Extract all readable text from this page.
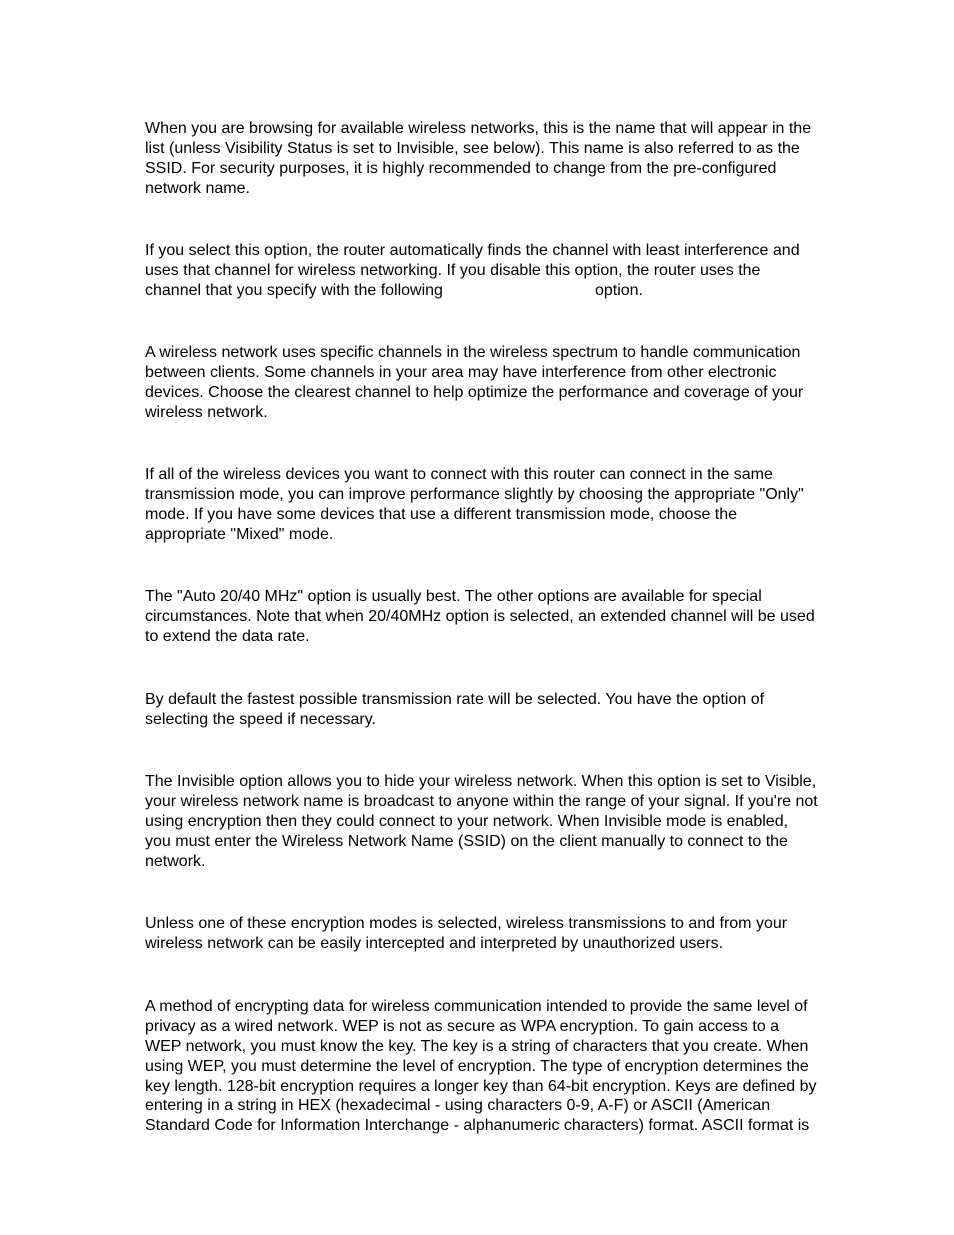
When you are browsing for available wireless networks, this is the name that will appear in the
list (unless Visibility Status is set to Invisible, see below). This name is also referred to as the
SSID. For security purposes, it is highly recommended to change from the pre-configured
network name.
If you select this option, the router automatically finds the channel with least interference and
uses that channel for wireless networking. If you disable this option, the router uses the
channel that you specify with the following	option.
A wireless network uses specific channels in the wireless spectrum to handle communication
between clients. Some channels in your area may have interference from other electronic
devices. Choose the clearest channel to help optimize the performance and coverage of your
wireless network.
If all of the wireless devices you want to connect with this router can connect in the same
transmission mode, you can improve performance slightly by choosing the appropriate "Only"
mode. If you have some devices that use a different transmission mode, choose the
appropriate "Mixed" mode.
The "Auto 20/40 MHz" option is usually best. The other options are available for special
circumstances. Note that when 20/40MHz option is selected, an extended channel will be used
to extend the data rate.
By default the fastest possible transmission rate will be selected. You have the option of
selecting the speed if necessary.
The Invisible option allows you to hide your wireless network. When this option is set to Visible,
your wireless network name is broadcast to anyone within the range of your signal. If you're not
using encryption then they could connect to your network. When Invisible mode is enabled,
you must enter the Wireless Network Name (SSID) on the client manually to connect to the
network.
Unless one of these encryption modes is selected, wireless transmissions to and from your
wireless network can be easily intercepted and interpreted by unauthorized users.
A method of encrypting data for wireless communication intended to provide the same level of
privacy as a wired network. WEP is not as secure as WPA encryption. To gain access to a
WEP network, you must know the key. The key is a string of characters that you create. When
using WEP, you must determine the level of encryption. The type of encryption determines the
key length. 128-bit encryption requires a longer key than 64-bit encryption. Keys are defined by
entering in a string in HEX (hexadecimal - using characters 0-9, A-F) or ASCII (American
Standard Code for Information Interchange - alphanumeric characters) format. ASCII format is
